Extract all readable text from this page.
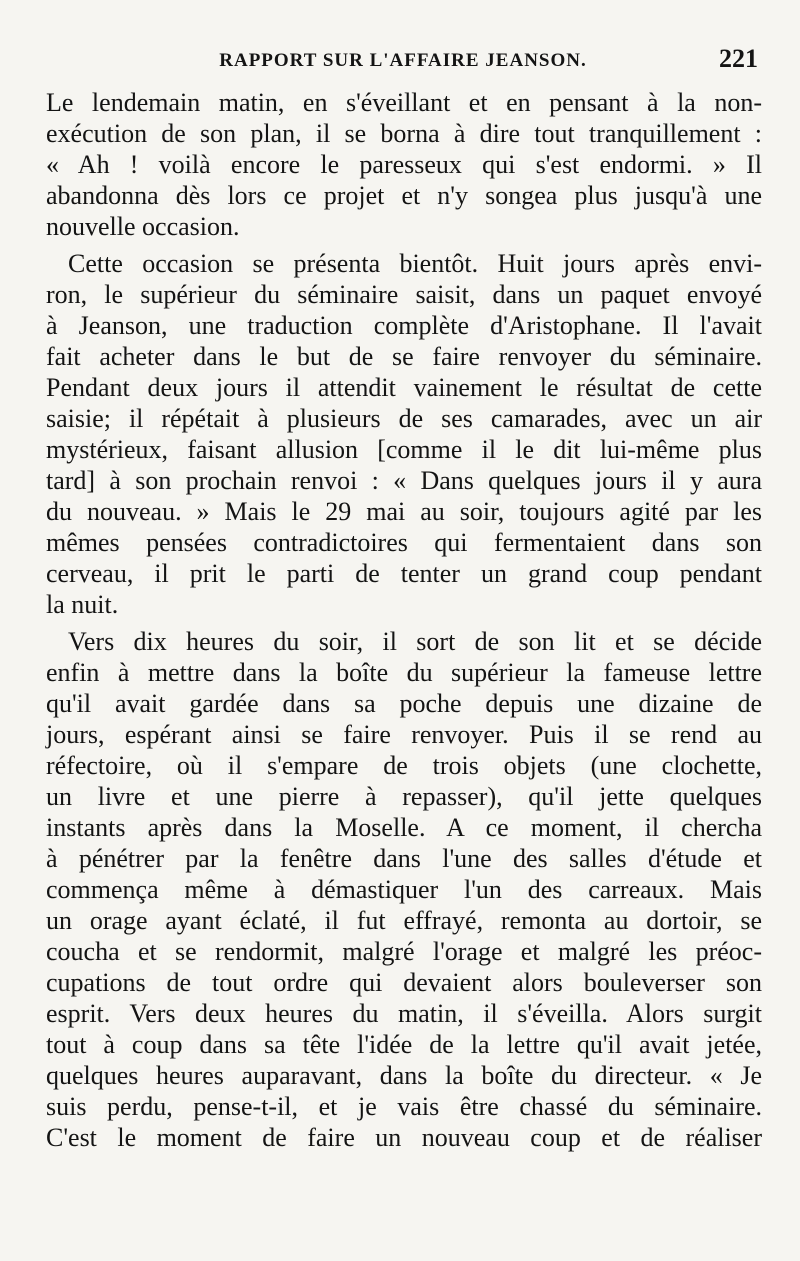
RAPPORT SUR L'AFFAIRE JEANSON.	221
Le lendemain matin, en s'éveillant et en pensant à la non-
exécution de son plan, il se borna à dire tout tranquillement :
« Ah ! voilà encore le paresseux qui s'est endormi. » Il
abandonna dès lors ce projet et n'y songea plus jusqu'à une
nouvelle occasion.
Cette occasion se présenta bientôt. Huit jours après envi-
ron, le supérieur du séminaire saisit, dans un paquet envoyé
à Jeanson, une traduction complète d'Aristophane. Il l'avait
fait acheter dans le but de se faire renvoyer du séminaire.
Pendant deux jours il attendit vainement le résultat de cette
saisie; il répétait à plusieurs de ses camarades, avec un air
mystérieux, faisant allusion [comme il le dit lui-même plus
tard] à son prochain renvoi : « Dans quelques jours il y aura
du nouveau. » Mais le 29 mai au soir, toujours agité par les
mêmes pensées contradictoires qui fermentaient dans son
cerveau, il prit le parti de tenter un grand coup pendant
la nuit.
Vers dix heures du soir, il sort de son lit et se décide
enfin à mettre dans la boîte du supérieur la fameuse lettre
qu'il avait gardée dans sa poche depuis une dizaine de
jours, espérant ainsi se faire renvoyer. Puis il se rend au
réfectoire, où il s'empare de trois objets (une clochette,
un livre et une pierre à repasser), qu'il jette quelques
instants après dans la Moselle. A ce moment, il chercha
à pénétrer par la fenêtre dans l'une des salles d'étude et
commença même à démastiquer l'un des carreaux. Mais
un orage ayant éclaté, il fut effrayé, remonta au dortoir, se
coucha et se rendormit, malgré l'orage et malgré les préoc-
cupations de tout ordre qui devaient alors bouleverser son
esprit. Vers deux heures du matin, il s'éveilla. Alors surgit
tout à coup dans sa tête l'idée de la lettre qu'il avait jetée,
quelques heures auparavant, dans la boîte du directeur. « Je
suis perdu, pense-t-il, et je vais être chassé du séminaire.
C'est le moment de faire un nouveau coup et de réaliser
